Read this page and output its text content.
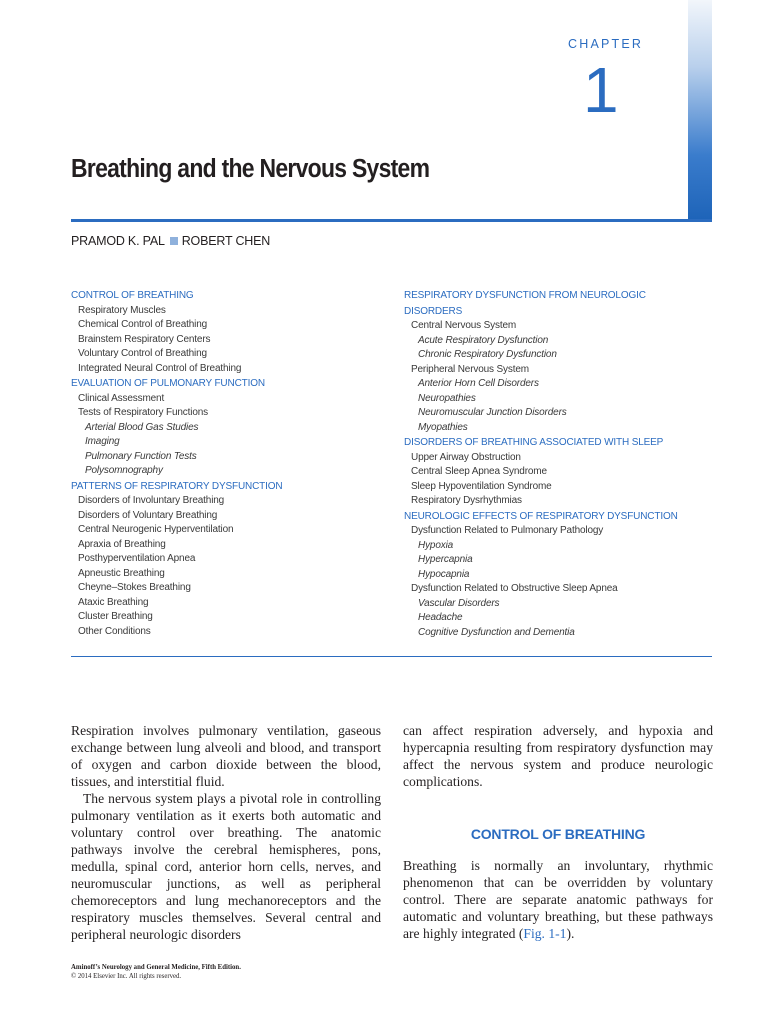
CHAPTER
1
Breathing and the Nervous System
PRAMOD K. PAL ROBERT CHEN
CONTROL OF BREATHING
Respiratory Muscles
Chemical Control of Breathing
Brainstem Respiratory Centers
Voluntary Control of Breathing
Integrated Neural Control of Breathing
EVALUATION OF PULMONARY FUNCTION
Clinical Assessment
Tests of Respiratory Functions
Arterial Blood Gas Studies
Imaging
Pulmonary Function Tests
Polysomnography
PATTERNS OF RESPIRATORY DYSFUNCTION
Disorders of Involuntary Breathing
Disorders of Voluntary Breathing
Central Neurogenic Hyperventilation
Apraxia of Breathing
Posthyperventilation Apnea
Apneustic Breathing
Cheyne–Stokes Breathing
Ataxic Breathing
Cluster Breathing
Other Conditions
RESPIRATORY DYSFUNCTION FROM NEUROLOGIC
DISORDERS
Central Nervous System
Acute Respiratory Dysfunction
Chronic Respiratory Dysfunction
Peripheral Nervous System
Anterior Horn Cell Disorders
Neuropathies
Neuromuscular Junction Disorders
Myopathies
DISORDERS OF BREATHING ASSOCIATED WITH SLEEP
Upper Airway Obstruction
Central Sleep Apnea Syndrome
Sleep Hypoventilation Syndrome
Respiratory Dysrhythmias
NEUROLOGIC EFFECTS OF RESPIRATORY DYSFUNCTION
Dysfunction Related to Pulmonary Pathology
Hypoxia
Hypercapnia
Hypocapnia
Dysfunction Related to Obstructive Sleep Apnea
Vascular Disorders
Headache
Cognitive Dysfunction and Dementia

Respiration involves pulmonary ventilation, gaseous exchange between lung alveoli and blood, and transport of oxygen and carbon dioxide between the blood, tissues, and interstitial fluid.

The nervous system plays a pivotal role in controlling pulmonary ventilation as it exerts both automatic and voluntary control over breathing. The anatomic pathways involve the cerebral hemispheres, pons, medulla, spinal cord, anterior horn cells, nerves, and neuromuscular junctions, as well as peripheral chemoreceptors and lung mechanoreceptors and the respiratory muscles themselves. Several central and peripheral neurologic disorders

can affect respiration adversely, and hypoxia and hypercapnia resulting from respiratory dysfunction may affect the nervous system and produce neurologic complications.

CONTROL OF BREATHING

Breathing is normally an involuntary, rhythmic phenomenon that can be overridden by voluntary control. There are separate anatomic pathways for automatic and voluntary breathing, but these pathways are highly integrated (Fig. 1-1).

Aminoff’s Neurology and General Medicine, Fifth Edition.
© 2014 Elsevier Inc. All rights reserved.
